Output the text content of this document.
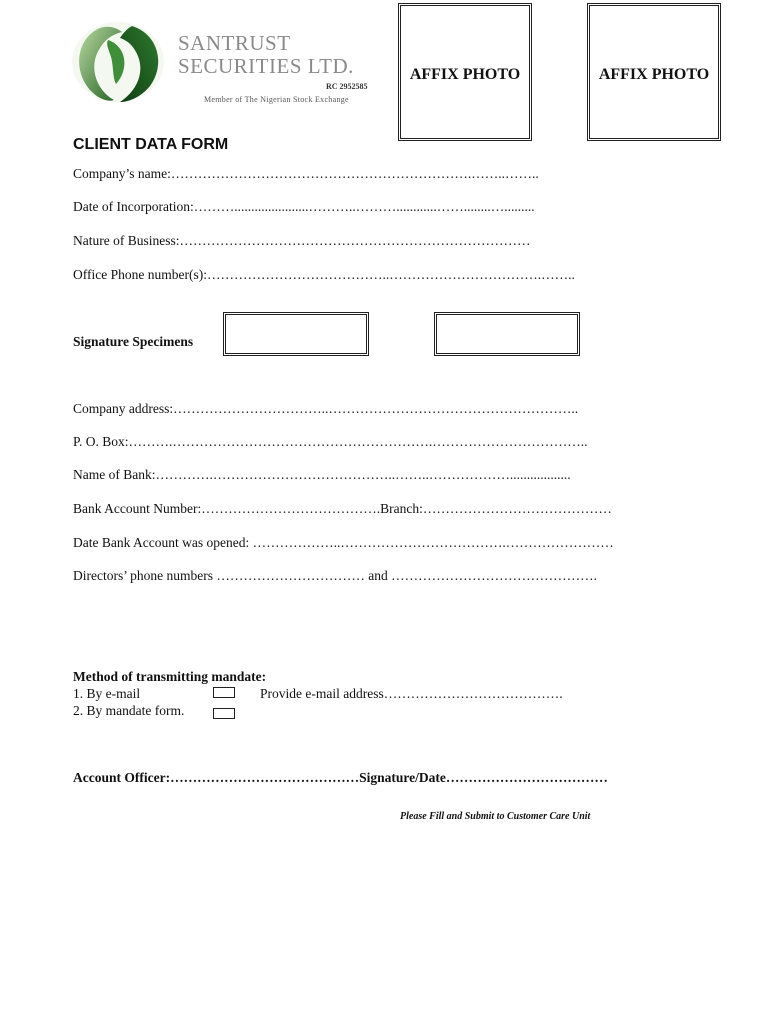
SANTRUST
SECURITIES LTD.
RC 2952585
Member of The Nigerian Stock Exchange
AFFIX PHOTO	AFFIX PHOTO
CLIENT DATA FORM
Company’s name:………………………………………………………….……..……..
Date of Incorporation:………......................………..………............……........….........
Nature of Business:……………………………………………………………………
Office Phone number(s):…………………………………..…………………………….……..
Signature Specimens
Company address:……………………………..………………………………………………..
P. O. Box:……….………………………………………………….……………………………..
Name of Bank:………….…………………………………..……..………………..................
Bank Account Number:………………………………….Branch:……………………………………
Date Bank Account was opened: ………………..……………………………….……………………
Directors’ phone numbers …………………………… and ……………………………………….
Method of transmitting mandate:
1. By e-mail	Provide e-mail address………………………………….
2. By mandate form.
Account Officer:……………………………………Signature/Date………………………………
Please Fill and Submit to Customer Care Unit
